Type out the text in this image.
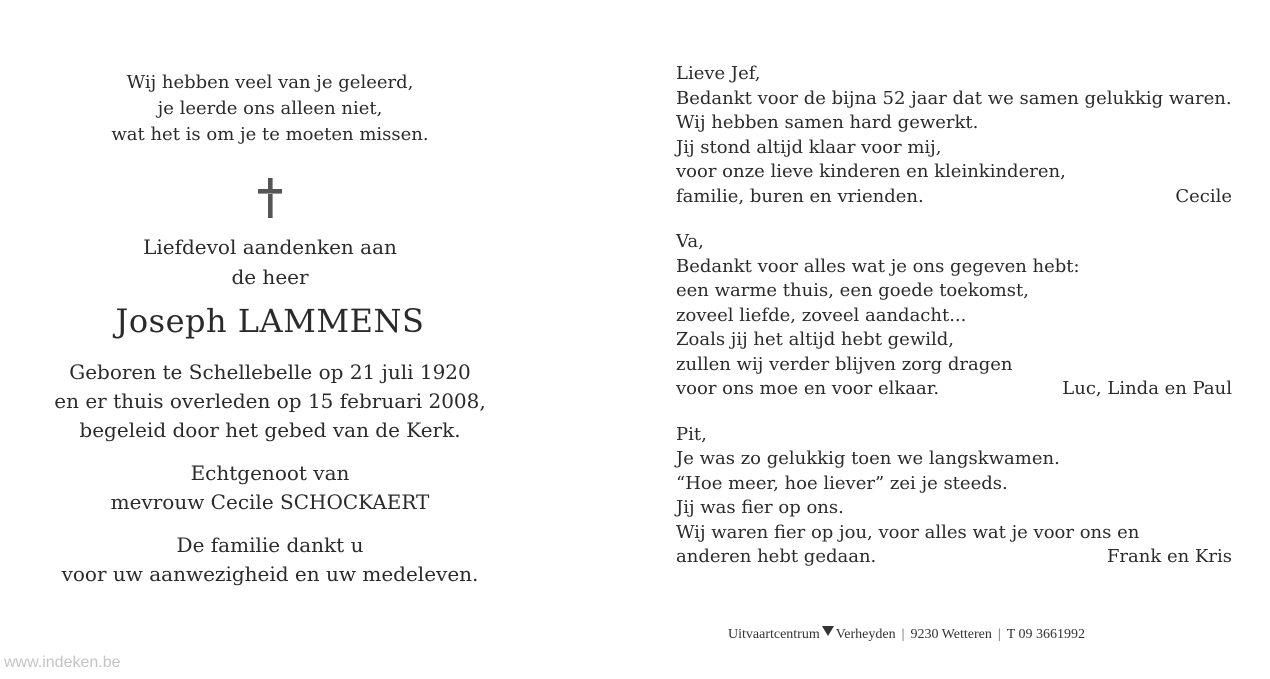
Wij hebben veel van je geleerd,
je leerde ons alleen niet,
wat het is om je te moeten missen.
Liefdevol aandenken aan
de heer
Joseph LAMMENS
Geboren te Schellebelle op 21 juli 1920
en er thuis overleden op 15 februari 2008,
begeleid door het gebed van de Kerk.
Echtgenoot van
mevrouw Cecile SCHOCKAERT
De familie dankt u
voor uw aanwezigheid en uw medeleven.
Lieve Jef,
Bedankt voor de bijna 52 jaar dat we samen gelukkig waren.
Wij hebben samen hard gewerkt.
Jij stond altijd klaar voor mij,
voor onze lieve kinderen en kleinkinderen,
familie, buren en vrienden.	Cecile
Va,
Bedankt voor alles wat je ons gegeven hebt:
een warme thuis, een goede toekomst,
zoveel liefde, zoveel aandacht...
Zoals jij het altijd hebt gewild,
zullen wij verder blijven zorg dragen
voor ons moe en voor elkaar.	Luc, Linda en Paul
Pit,
Je was zo gelukkig toen we langskwamen.
“Hoe meer, hoe liever” zei je steeds.
Jij was fier op ons.
Wij waren fier op jou, voor alles wat je voor ons en
anderen hebt gedaan.	Frank en Kris
Uitvaartcentrum Verheyden | 9230 Wetteren | T 09 3661992
www.indeken.be
